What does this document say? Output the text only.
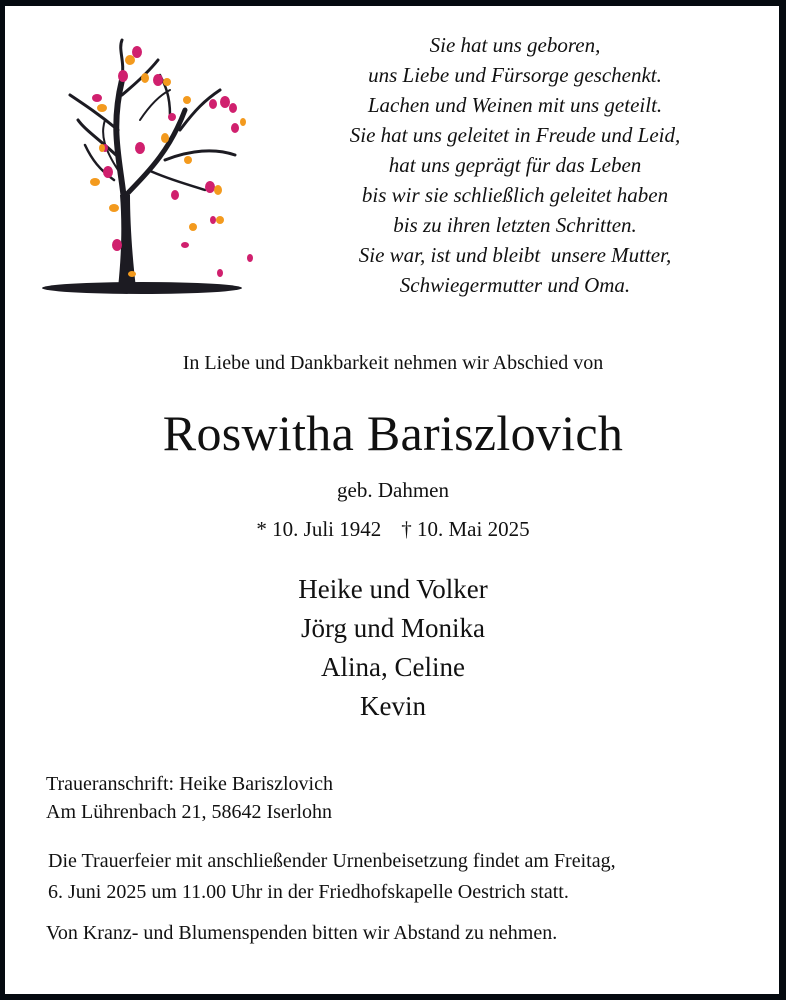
Sie hat uns geboren,
uns Liebe und Fürsorge geschenkt.
Lachen und Weinen mit uns geteilt.
Sie hat uns geleitet in Freude und Leid,
hat uns geprägt für das Leben
bis wir sie schließlich geleitet haben
bis zu ihren letzten Schritten.
Sie war, ist und bleibt  unsere Mutter,
Schwiegermutter und Oma.
In Liebe und Dankbarkeit nehmen wir Abschied von
Roswitha Bariszlovich
geb. Dahmen
* 10. Juli 1942 † 10. Mai 2025
Heike und Volker
Jörg und Monika
Alina, Celine
Kevin
Traueranschrift: Heike Bariszlovich
Am Lührenbach 21, 58642 Iserlohn
Die Trauerfeier mit anschließender Urnenbeisetzung findet am Freitag,
6. Juni 2025 um 11.00 Uhr in der Friedhofskapelle Oestrich statt.
Von Kranz- und Blumenspenden bitten wir Abstand zu nehmen.
